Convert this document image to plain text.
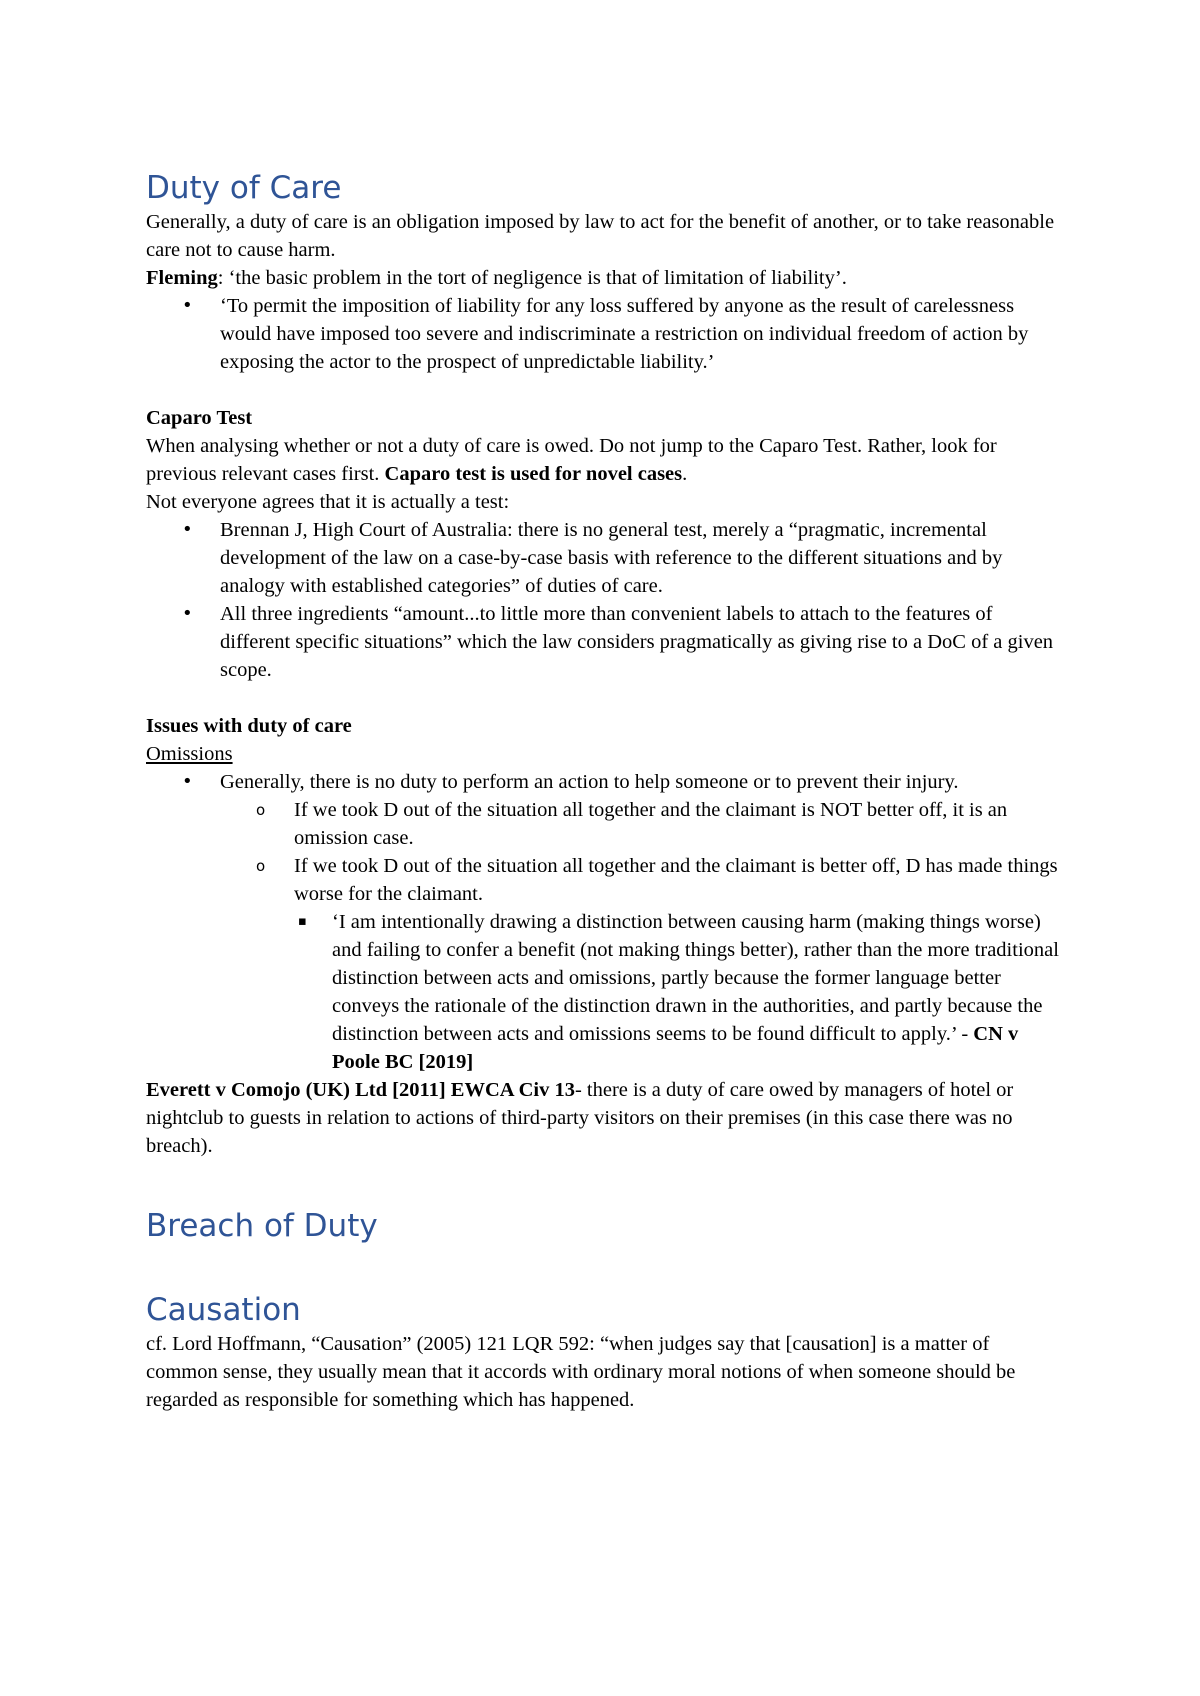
Duty of Care

Generally, a duty of care is an obligation imposed by law to act for the benefit of another, or to take reasonable care not to cause harm.

Fleming: ‘the basic problem in the tort of negligence is that of limitation of liability’.

• ‘To permit the imposition of liability for any loss suffered by anyone as the result of carelessness would have imposed too severe and indiscriminate a restriction on individual freedom of action by exposing the actor to the prospect of unpredictable liability.’

Caparo Test

When analysing whether or not a duty of care is owed. Do not jump to the Caparo Test. Rather, look for previous relevant cases first. Caparo test is used for novel cases.

Not everyone agrees that it is actually a test:

• Brennan J, High Court of Australia: there is no general test, merely a “pragmatic, incremental development of the law on a case-by-case basis with reference to the different situations and by analogy with established categories” of duties of care.
• All three ingredients “amount...to little more than convenient labels to attach to the features of different specific situations” which the law considers pragmatically as giving rise to a DoC of a given scope.

Issues with duty of care

Omissions

• Generally, there is no duty to perform an action to help someone or to prevent their injury.
o If we took D out of the situation all together and the claimant is NOT better off, it is an omission case.
o If we took D out of the situation all together and the claimant is better off, D has made things worse for the claimant.
▪ ‘I am intentionally drawing a distinction between causing harm (making things worse) and failing to confer a benefit (not making things better), rather than the more traditional distinction between acts and omissions, partly because the former language better conveys the rationale of the distinction drawn in the authorities, and partly because the distinction between acts and omissions seems to be found difficult to apply.’ - CN v Poole BC [2019]

Everett v Comojo (UK) Ltd [2011] EWCA Civ 13- there is a duty of care owed by managers of hotel or nightclub to guests in relation to actions of third-party visitors on their premises (in this case there was no breach).

Breach of Duty
Causation

cf. Lord Hoffmann, “Causation” (2005) 121 LQR 592: “when judges say that [causation] is a matter of common sense, they usually mean that it accords with ordinary moral notions of when someone should be regarded as responsible for something which has happened.
